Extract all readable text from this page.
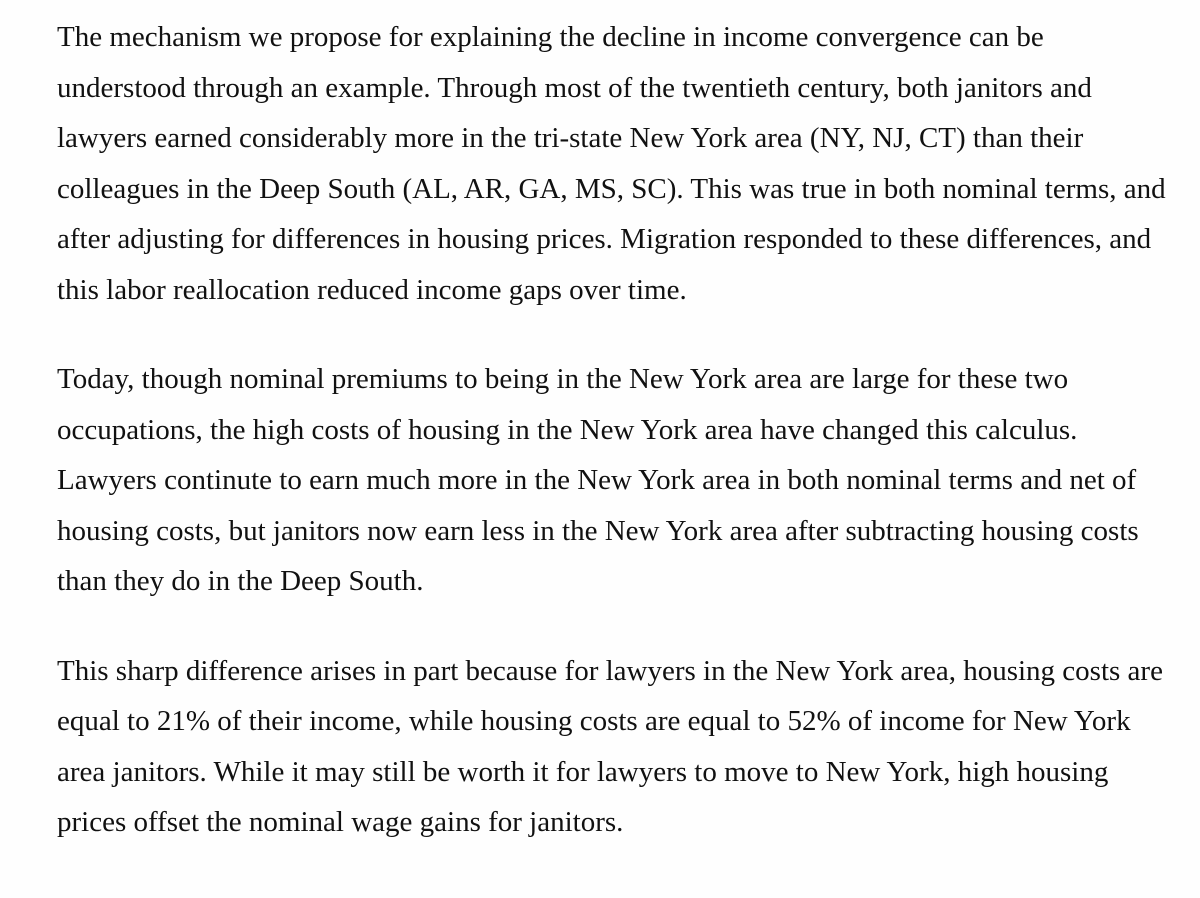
The mechanism we propose for explaining the decline in income convergence can be understood through an example. Through most of the twentieth century, both janitors and lawyers earned considerably more in the tri-state New York area (NY, NJ, CT) than their colleagues in the Deep South (AL, AR, GA, MS, SC). This was true in both nominal terms, and after adjusting for differences in housing prices. Migration responded to these differences, and this labor reallocation reduced income gaps over time.

Today, though nominal premiums to being in the New York area are large for these two occupations, the high costs of housing in the New York area have changed this calculus. Lawyers continute to earn much more in the New York area in both nominal terms and net of housing costs, but janitors now earn less in the New York area after subtracting housing costs than they do in the Deep South.

This sharp difference arises in part because for lawyers in the New York area, housing costs are equal to 21% of their income, while housing costs are equal to 52% of income for New York area janitors. While it may still be worth it for lawyers to move to New York, high housing prices offset the nominal wage gains for janitors.
